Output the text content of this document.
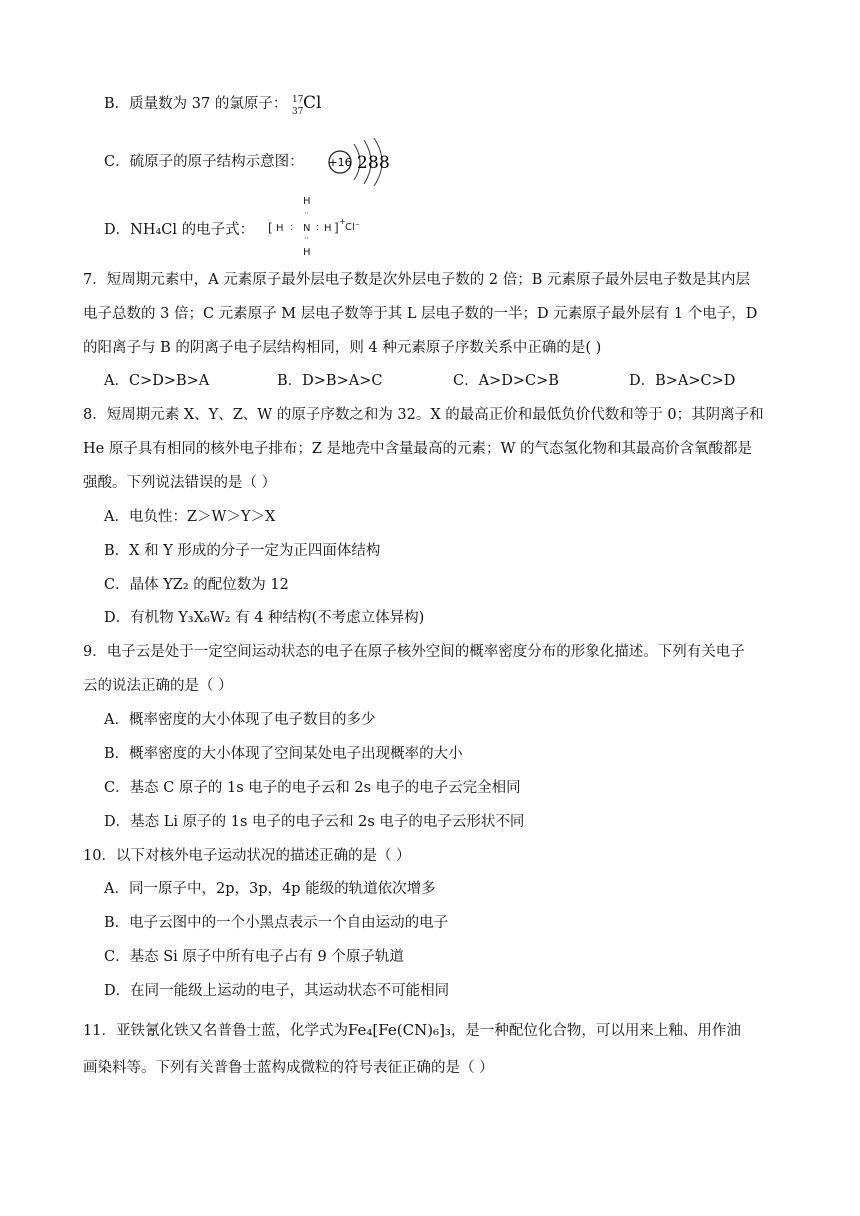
B．质量数为 37 的氯原子： 17
37 Cl
C．硫原子的原子结构示意图： +16 2 8 8
D．NH₄Cl 的电子式：
H
··
[ H : N : H ] +
Cl⁻
··
H
7．短周期元素中，A 元素原子最外层电子数是次外层电子数的 2 倍；B 元素原子最外层电子数是其内层
电子总数的 3 倍；C 元素原子 M 层电子数等于其 L 层电子数的一半；D 元素原子最外层有 1 个电子，D
的阳离子与 B 的阴离子电子层结构相同，则 4 种元素原子序数关系中正确的是( )
A．C>D>B>A	B．D>B>A>C	C．A>D>C>B	D．B>A>C>D
8．短周期元素 X、Y、Z、W 的原子序数之和为 32。X 的最高正价和最低负价代数和等于 0；其阴离子和
He 原子具有相同的核外电子排布；Z 是地壳中含量最高的元素；W 的气态氢化物和其最高价含氧酸都是
强酸。下列说法错误的是（ ）
A．电负性：Z＞W＞Y＞X
B．X 和 Y 形成的分子一定为正四面体结构
C．晶体 YZ₂ 的配位数为 12
D．有机物 Y₃X₆W₂ 有 4 种结构(不考虑立体异构)
9．电子云是处于一定空间运动状态的电子在原子核外空间的概率密度分布的形象化描述。下列有关电子
云的说法正确的是（ ）
A．概率密度的大小体现了电子数目的多少
B．概率密度的大小体现了空间某处电子出现概率的大小
C．基态 C 原子的 1s 电子的电子云和 2s 电子的电子云完全相同
D．基态 Li 原子的 1s 电子的电子云和 2s 电子的电子云形状不同
10．以下对核外电子运动状况的描述正确的是（ ）
A．同一原子中，2p，3p，4p 能级的轨道依次增多
B．电子云图中的一个小黑点表示一个自由运动的电子
C．基态 Si 原子中所有电子占有 9 个原子轨道
D．在同一能级上运动的电子，其运动状态不可能相同
11．亚铁氰化铁又名普鲁士蓝，化学式为Fe₄[Fe(CN)₆]₃，是一种配位化合物，可以用来上釉、用作油
画染料等。下列有关普鲁士蓝构成微粒的符号表征正确的是（ ）
